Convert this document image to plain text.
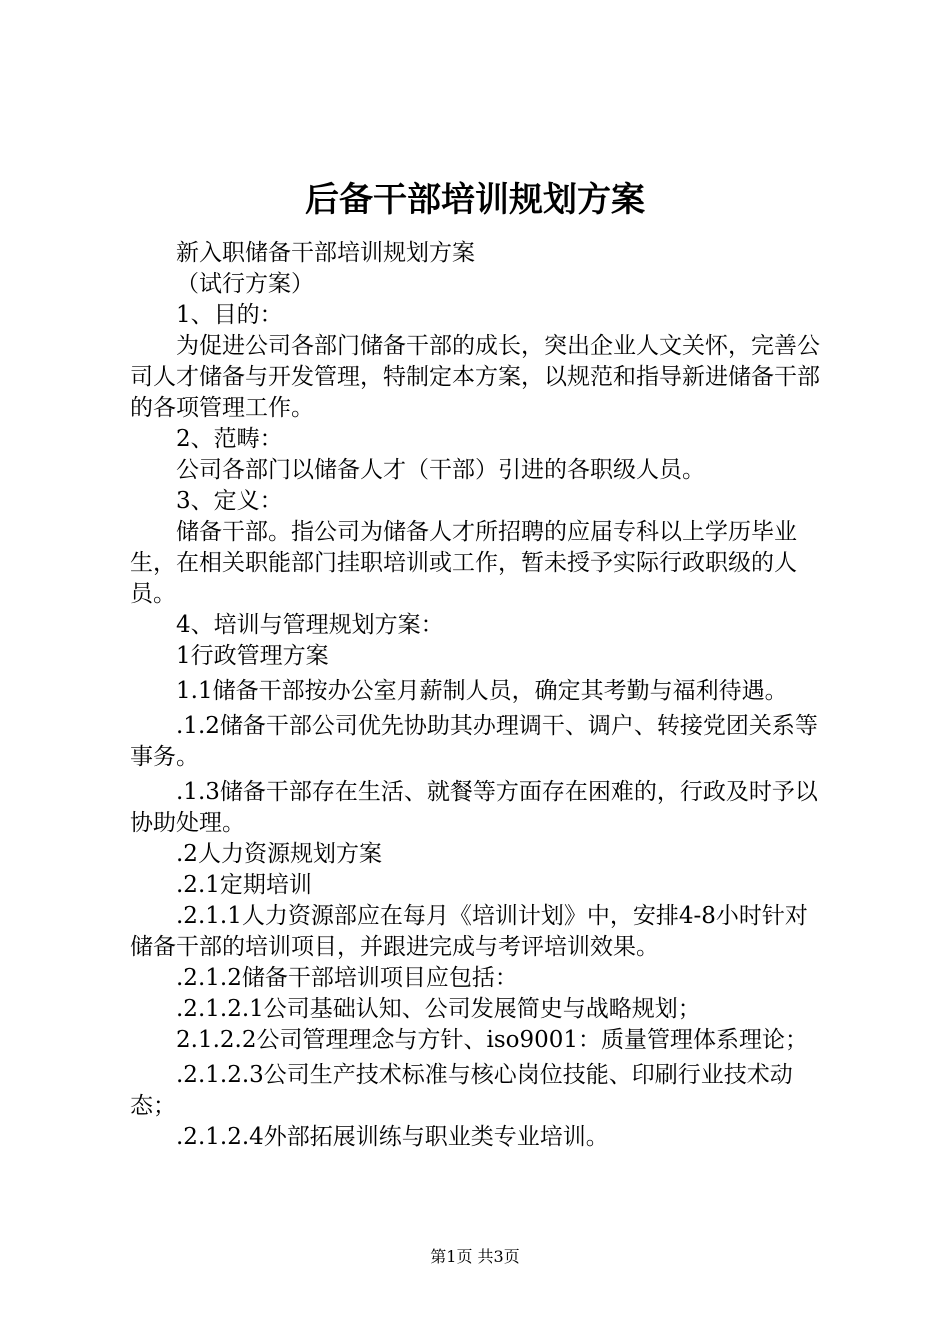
后备干部培训规划方案

新入职储备干部培训规划方案

（试行方案）

1、目的：

为促进公司各部门储备干部的成长，突出企业人文关怀，完善公司人才储备与开发管理，特制定本方案，以规范和指导新进储备干部的各项管理工作。

2、范畴：

公司各部门以储备人才（干部）引进的各职级人员。

3、定义：

储备干部。指公司为储备人才所招聘的应届专科以上学历毕业生，在相关职能部门挂职培训或工作，暂未授予实际行政职级的人员。

4、培训与管理规划方案：

1行政管理方案

1.1储备干部按办公室月薪制人员，确定其考勤与福利待遇。

.1.2储备干部公司优先协助其办理调干、调户、转接党团关系等事务。

.1.3储备干部存在生活、就餐等方面存在困难的，行政及时予以协助处理。

.2人力资源规划方案

.2.1定期培训

.2.1.1人力资源部应在每月《培训计划》中，安排4-8小时针对储备干部的培训项目，并跟进完成与考评培训效果。

.2.1.2储备干部培训项目应包括：

.2.1.2.1公司基础认知、公司发展简史与战略规划；

2.1.2.2公司管理理念与方针、iso9001：质量管理体系理论；

.2.1.2.3公司生产技术标准与核心岗位技能、印刷行业技术动态；

.2.1.2.4外部拓展训练与职业类专业培训。

第1页 共3页
